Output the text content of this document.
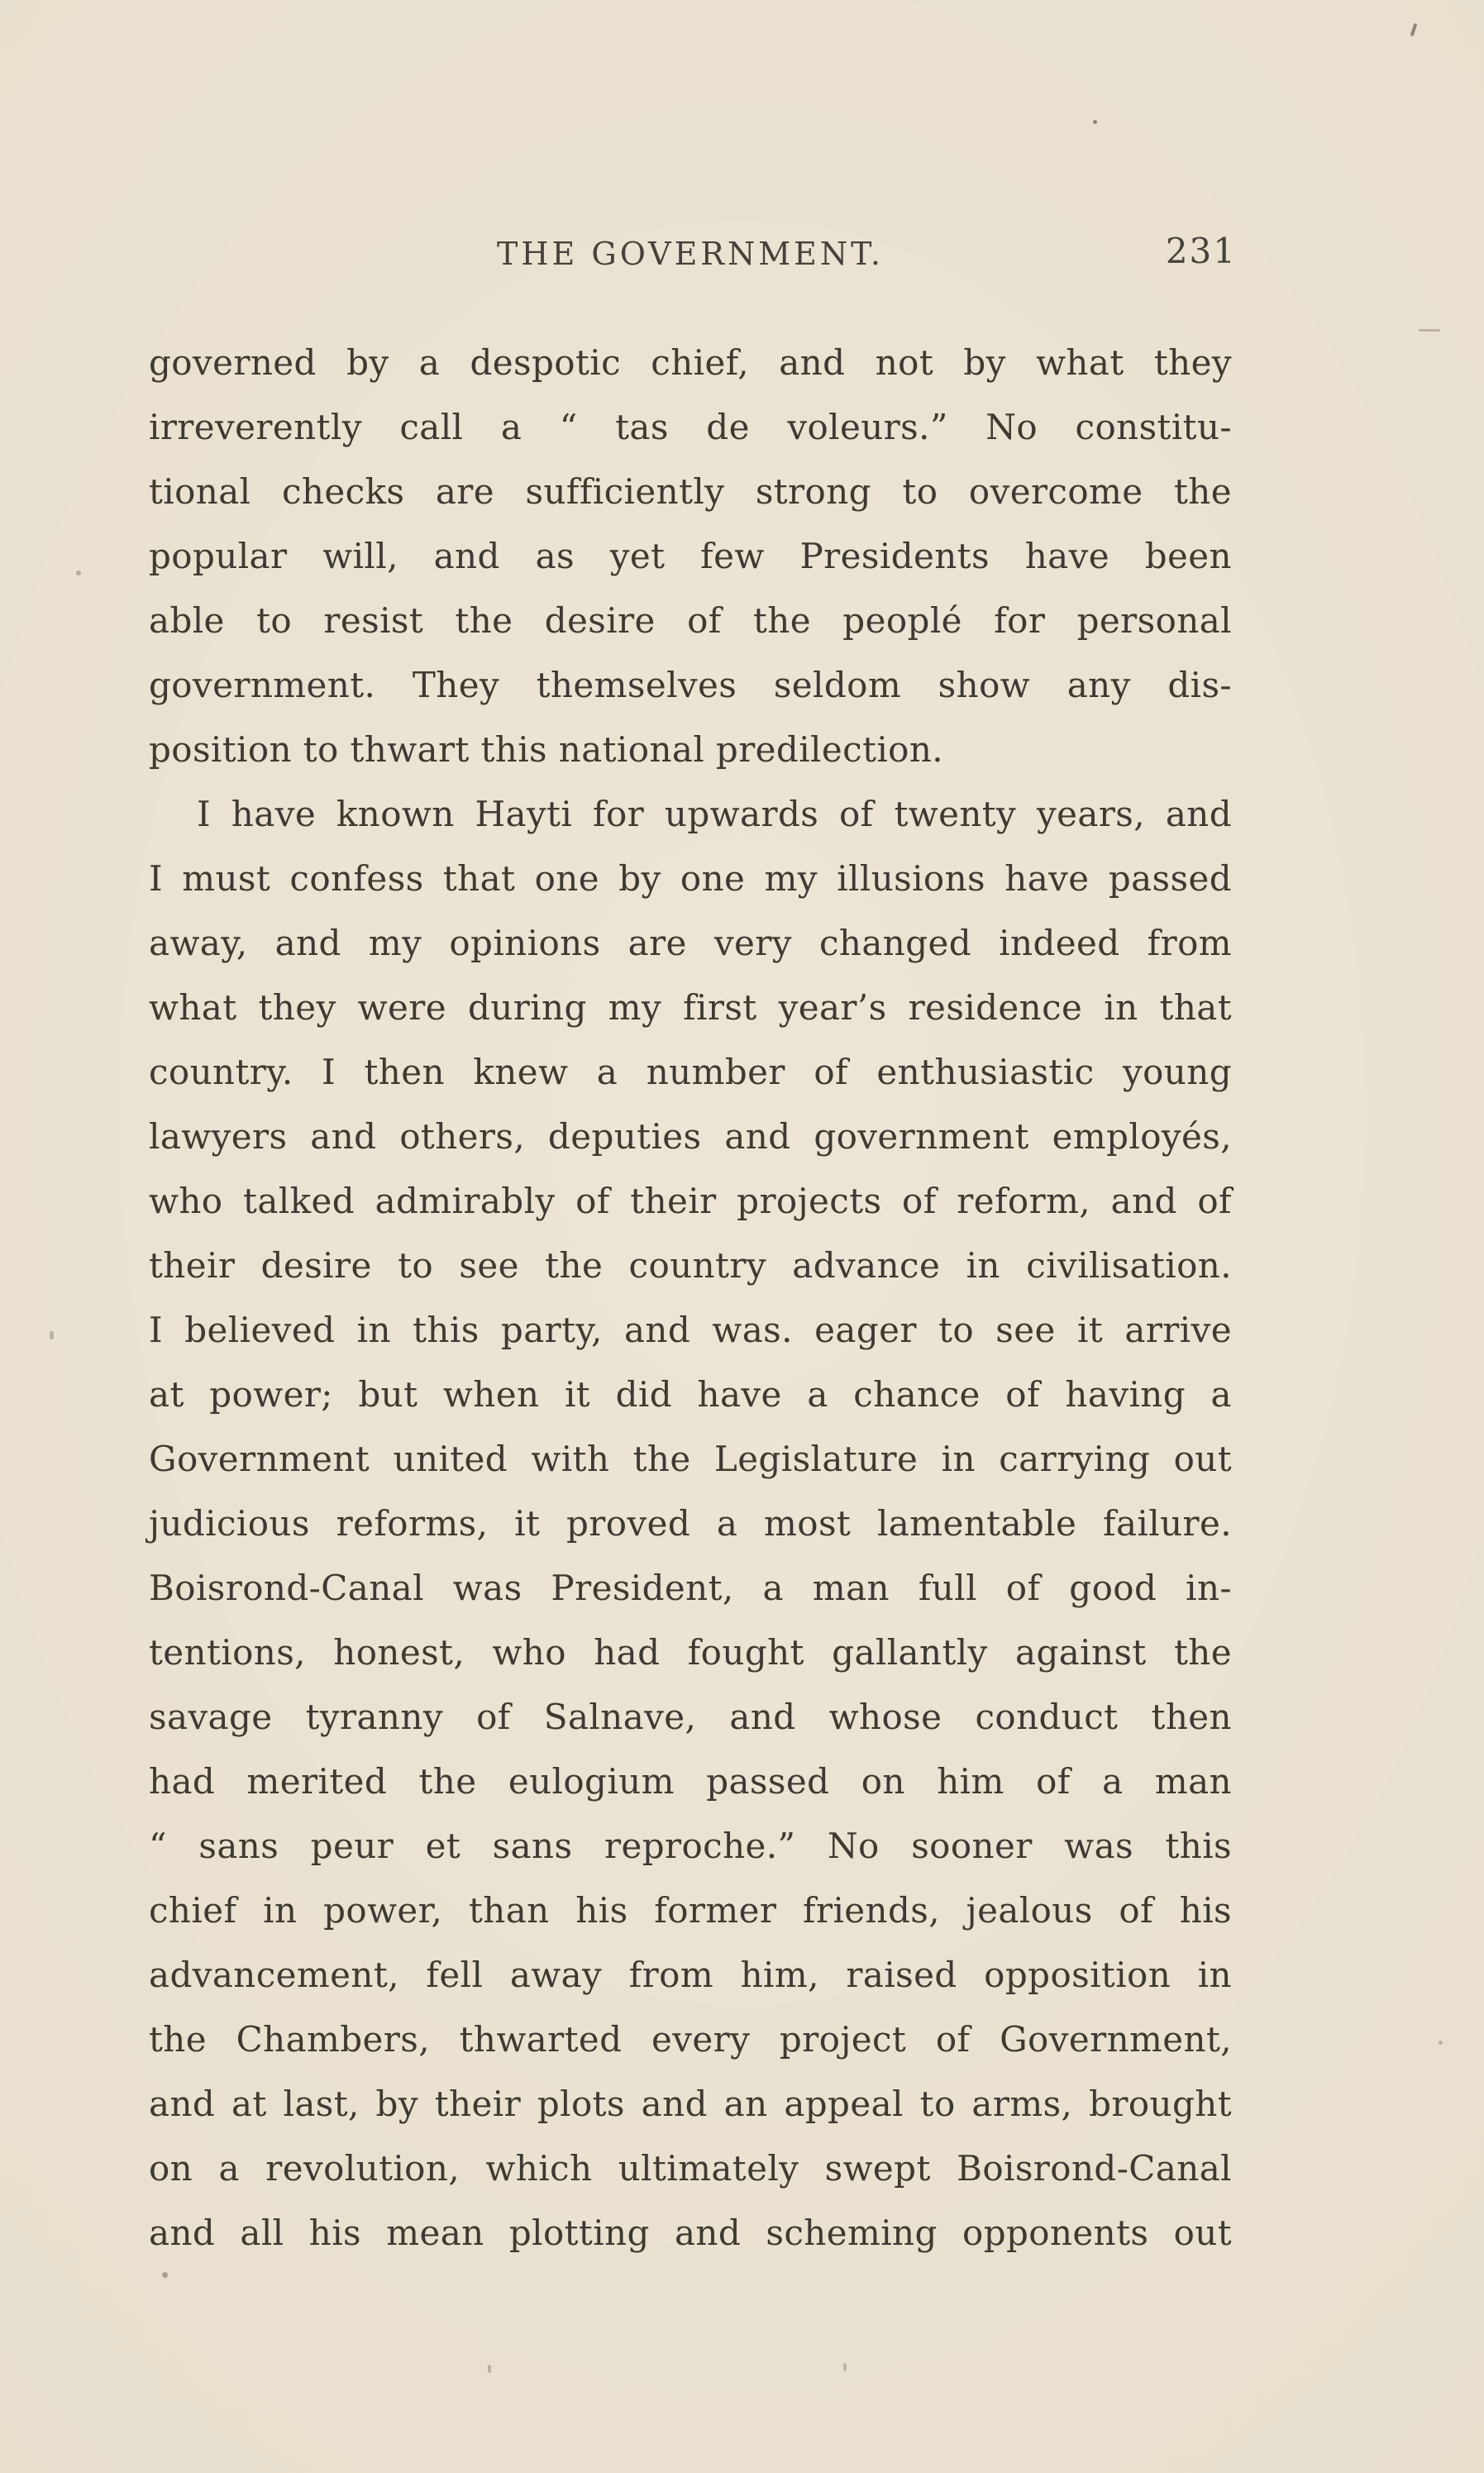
THE GOVERNMENT.	231
governed by a despotic chief, and not by what they
irreverently call a “ tas de voleurs.” No constitu-
tional checks are sufficiently strong to overcome the
popular will, and as yet few Presidents have been
able to resist the desire of the peoplé for personal
government. They themselves seldom show any dis-
position to thwart this national predilection.
I have known Hayti for upwards of twenty years, and
I must confess that one by one my illusions have passed
away, and my opinions are very changed indeed from
what they were during my first year’s residence in that
country. I then knew a number of enthusiastic young
lawyers and others, deputies and government employés,
who talked admirably of their projects of reform, and of
their desire to see the country advance in civilisation.
I believed in this party, and was. eager to see it arrive
at power; but when it did have a chance of having a
Government united with the Legislature in carrying out
judicious reforms, it proved a most lamentable failure.
Boisrond-Canal was President, a man full of good in-
tentions, honest, who had fought gallantly against the
savage tyranny of Salnave, and whose conduct then
had merited the eulogium passed on him of a man
“ sans peur et sans reproche.” No sooner was this
chief in power, than his former friends, jealous of his
advancement, fell away from him, raised opposition in
the Chambers, thwarted every project of Government,
and at last, by their plots and an appeal to arms, brought
on a revolution, which ultimately swept Boisrond-Canal
and all his mean plotting and scheming opponents out
